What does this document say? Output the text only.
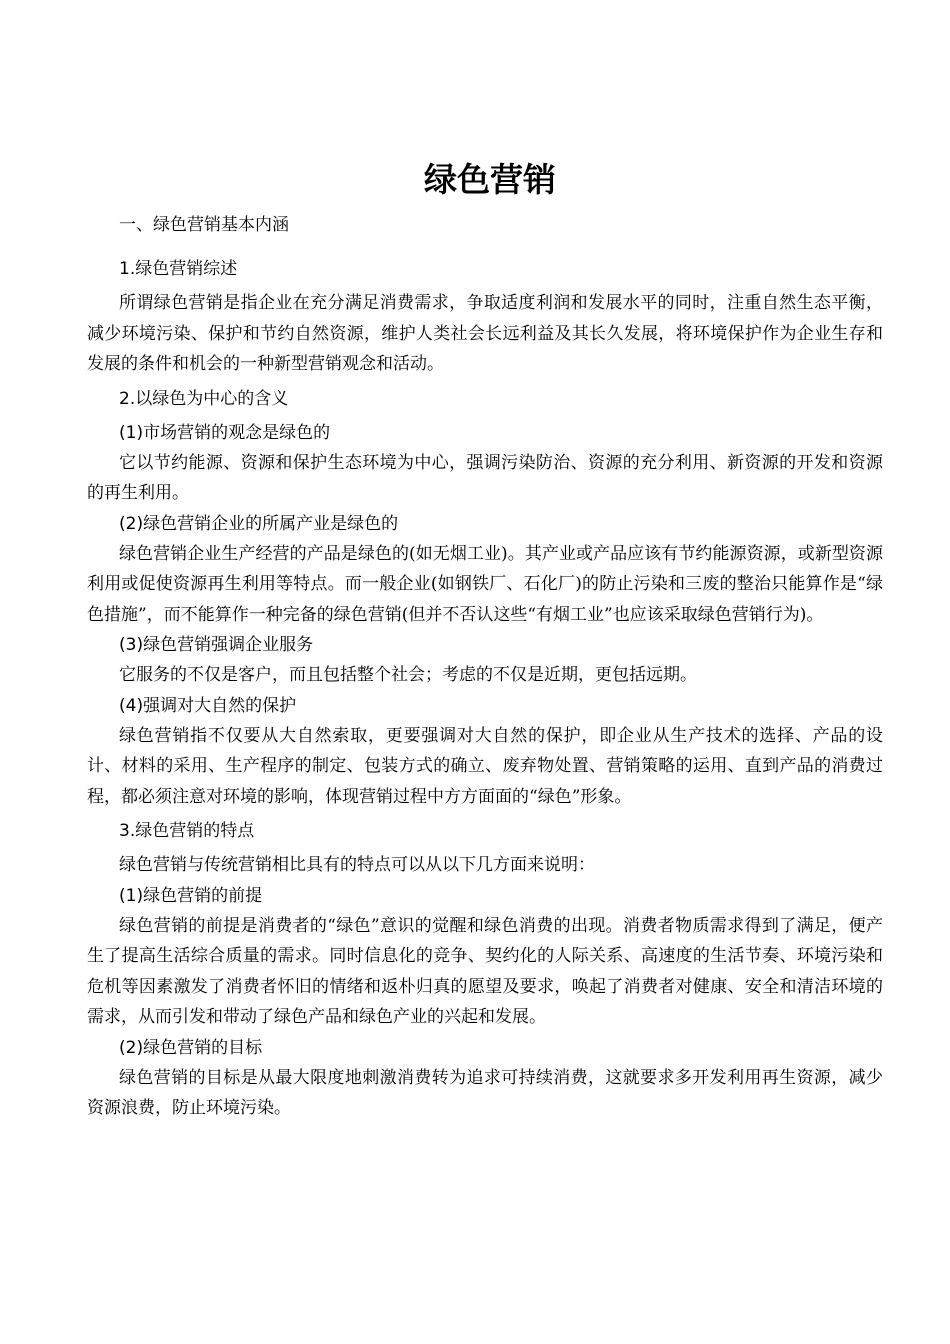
绿色营销
一、绿色营销基本内涵
1.绿色营销综述

所谓绿色营销是指企业在充分满足消费需求，争取适度利润和发展水平的同时，注重自然生态平衡，减少环境污染、保护和节约自然资源，维护人类社会长远利益及其长久发展，将环境保护作为企业生存和发展的条件和机会的一种新型营销观念和活动。

2.以绿色为中心的含义
(1)市场营销的观念是绿色的

它以节约能源、资源和保护生态环境为中心，强调污染防治、资源的充分利用、新资源的开发和资源的再生利用。

(2)绿色营销企业的所属产业是绿色的

绿色营销企业生产经营的产品是绿色的(如无烟工业)。其产业或产品应该有节约能源资源，或新型资源利用或促使资源再生利用等特点。而一般企业(如钢铁厂、石化厂)的防止污染和三废的整治只能算作是“绿色措施”，而不能算作一种完备的绿色营销(但并不否认这些“有烟工业”也应该采取绿色营销行为)。

(3)绿色营销强调企业服务

它服务的不仅是客户，而且包括整个社会；考虑的不仅是近期，更包括远期。

(4)强调对大自然的保护

绿色营销指不仅要从大自然索取，更要强调对大自然的保护，即企业从生产技术的选择、产品的设计、材料的采用、生产程序的制定、包装方式的确立、废弃物处置、营销策略的运用、直到产品的消费过程，都必须注意对环境的影响，体现营销过程中方方面面的“绿色”形象。

3.绿色营销的特点

绿色营销与传统营销相比具有的特点可以从以下几方面来说明：

(1)绿色营销的前提

绿色营销的前提是消费者的“绿色”意识的觉醒和绿色消费的出现。消费者物质需求得到了满足，便产生了提高生活综合质量的需求。同时信息化的竞争、契约化的人际关系、高速度的生活节奏、环境污染和危机等因素激发了消费者怀旧的情绪和返朴归真的愿望及要求，唤起了消费者对健康、安全和清洁环境的需求，从而引发和带动了绿色产品和绿色产业的兴起和发展。

(2)绿色营销的目标

绿色营销的目标是从最大限度地刺激消费转为追求可持续消费，这就要求多开发利用再生资源，减少资源浪费，防止环境污染。
